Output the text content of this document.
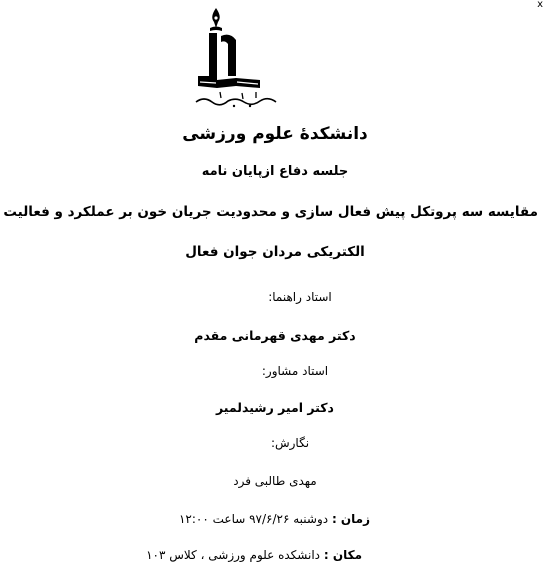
x
دانشکدهٔ علوم ورزشی
جلسه دفاع ازپایان نامه
مقایسه سه پروتکل پیش فعال سازی و محدودیت جریان خون بر عملکرد و فعالیت
الکتریکی مردان جوان فعال
استاد راهنما:
دکتر مهدی قهرمانی مقدم
استاد مشاور:
دکتر امیر رشیدلمیر
نگارش:
مهدی طالبی فرد
زمان : دوشنبه ۹۷/۶/۲۶ ساعت ۱۲:۰۰
مکان : دانشکده علوم ورزشی ، کلاس ۱۰۳
